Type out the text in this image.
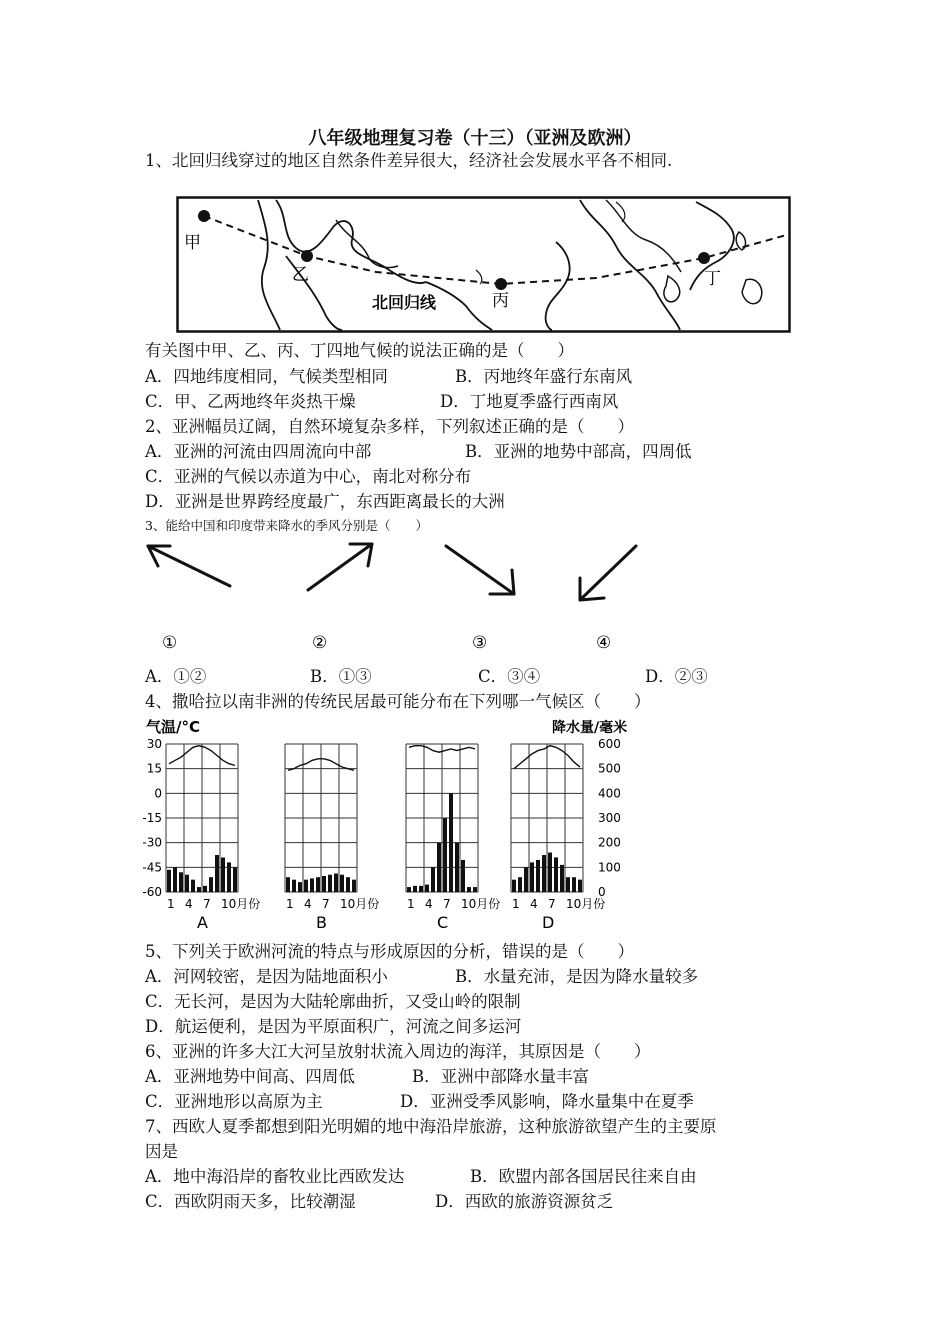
八年级地理复习卷（十三）（亚洲及欧洲）
1、北回归线穿过的地区自然条件差异很大，经济社会发展水平各不相同.
甲
乙
丙
丁
北回归线
有关图中甲、乙、丙、丁四地气候的说法正确的是（　　）
A．四地纬度相同，气候类型相同	B．丙地终年盛行东南风
C．甲、乙两地终年炎热干燥	D．丁地夏季盛行西南风
2、亚洲幅员辽阔，自然环境复杂多样，下列叙述正确的是（　　）
A．亚洲的河流由四周流向中部	B．亚洲的地势中部高，四周低
C．亚洲的气候以赤道为中心，南北对称分布
D．亚洲是世界跨经度最广，东西距离最长的大洲
3、能给中国和印度带来降水的季风分别是（　　）
①	②	③	④
A．①②	B．①③	C．③④	D．②③
4、撒哈拉以南非洲的传统民居最可能分布在下列哪一气候区（　　）
气温/°C	降水量/毫米
30
15
0
-15
-30
-45
-60
600
500
400
300
200
100
0
1 4 7 10月份
A
1 4 7 10月份
B
1 4 7 10月份
C
1 4 7 10月份
D
5、下列关于欧洲河流的特点与形成原因的分析，错误的是（　　）
A．河网较密，是因为陆地面积小	B．水量充沛，是因为降水量较多
C．无长河，是因为大陆轮廓曲折，又受山岭的限制
D．航运便利，是因为平原面积广，河流之间多运河
6、亚洲的许多大江大河呈放射状流入周边的海洋，其原因是（　　）
A．亚洲地势中间高、四周低	B．亚洲中部降水量丰富
C．亚洲地形以高原为主	D．亚洲受季风影响，降水量集中在夏季
7、西欧人夏季都想到阳光明媚的地中海沿岸旅游，这种旅游欲望产生的主要原
因是
A．地中海沿岸的畜牧业比西欧发达	B．欧盟内部各国居民往来自由
C．西欧阴雨天多，比较潮湿	D．西欧的旅游资源贫乏
